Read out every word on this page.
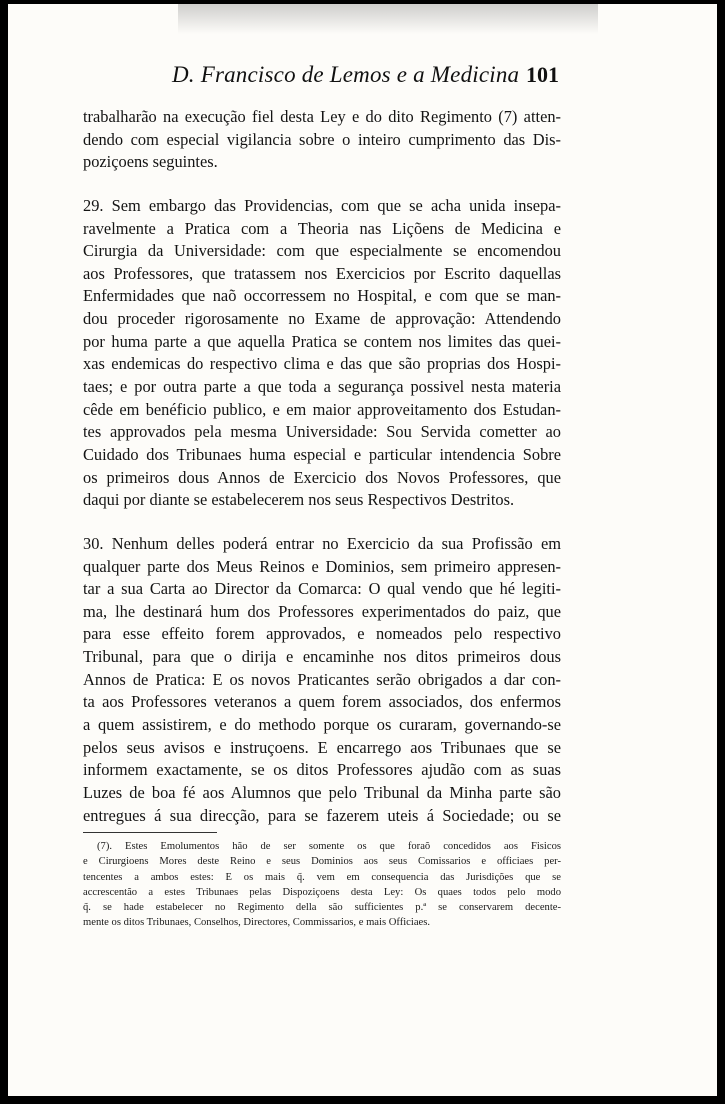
D. Francisco de Lemos e a Medicina 101
trabalharão na execução fiel desta Ley e do dito Regimento (7) atten-
dendo com especial vigilancia sobre o inteiro cumprimento das Dis-
poziçoens seguintes.
29. Sem embargo das Providencias, com que se acha unida insepa-
ravelmente a Pratica com a Theoria nas Liçõens de Medicina e
Cirurgia da Universidade: com que especialmente se encomendou
aos Professores, que tratassem nos Exercicios por Escrito daquellas
Enfermidades que naõ occorressem no Hospital, e com que se man-
dou proceder rigorosamente no Exame de approvação: Attendendo
por huma parte a que aquella Pratica se contem nos limites das quei-
xas endemicas do respectivo clima e das que são proprias dos Hospi-
taes; e por outra parte a que toda a segurança possivel nesta materia
cêde em benéficio publico, e em maior approveitamento dos Estudan-
tes approvados pela mesma Universidade: Sou Servida cometter ao
Cuidado dos Tribunaes huma especial e particular intendencia Sobre
os primeiros dous Annos de Exercicio dos Novos Professores, que
daqui por diante se estabelecerem nos seus Respectivos Destritos.
30. Nenhum delles poderá entrar no Exercicio da sua Profissão em
qualquer parte dos Meus Reinos e Dominios, sem primeiro appresen-
tar a sua Carta ao Director da Comarca: O qual vendo que hé legiti-
ma, lhe destinará hum dos Professores experimentados do paiz, que
para esse effeito forem approvados, e nomeados pelo respectivo
Tribunal, para que o dirija e encaminhe nos ditos primeiros dous
Annos de Pratica: E os novos Praticantes serão obrigados a dar con-
ta aos Professores veteranos a quem forem associados, dos enfermos
a quem assistirem, e do methodo porque os curaram, governando-se
pelos seus avisos e instruçoens. E encarrego aos Tribunaes que se
informem exactamente, se os ditos Professores ajudão com as suas
Luzes de boa fé aos Alumnos que pelo Tribunal da Minha parte são
entregues á sua direcção, para se fazerem uteis á Sociedade; ou se
(7). Estes Emolumentos hão de ser somente os que foraõ concedidos aos Fisicos
e Cirurgioens Mores deste Reino e seus Dominios aos seus Comissarios e officiaes per-
tencentes a ambos estes: E os mais q̃. vem em consequencia das Jurisdições que se
accrescentão a estes Tribunaes pelas Dispoziçoens desta Ley: Os quaes todos pelo modo
q̃. se hade estabelecer no Regimento della são sufficientes p.ª se conservarem decente-
mente os ditos Tribunaes, Conselhos, Directores, Commissarios, e mais Officiaes.
